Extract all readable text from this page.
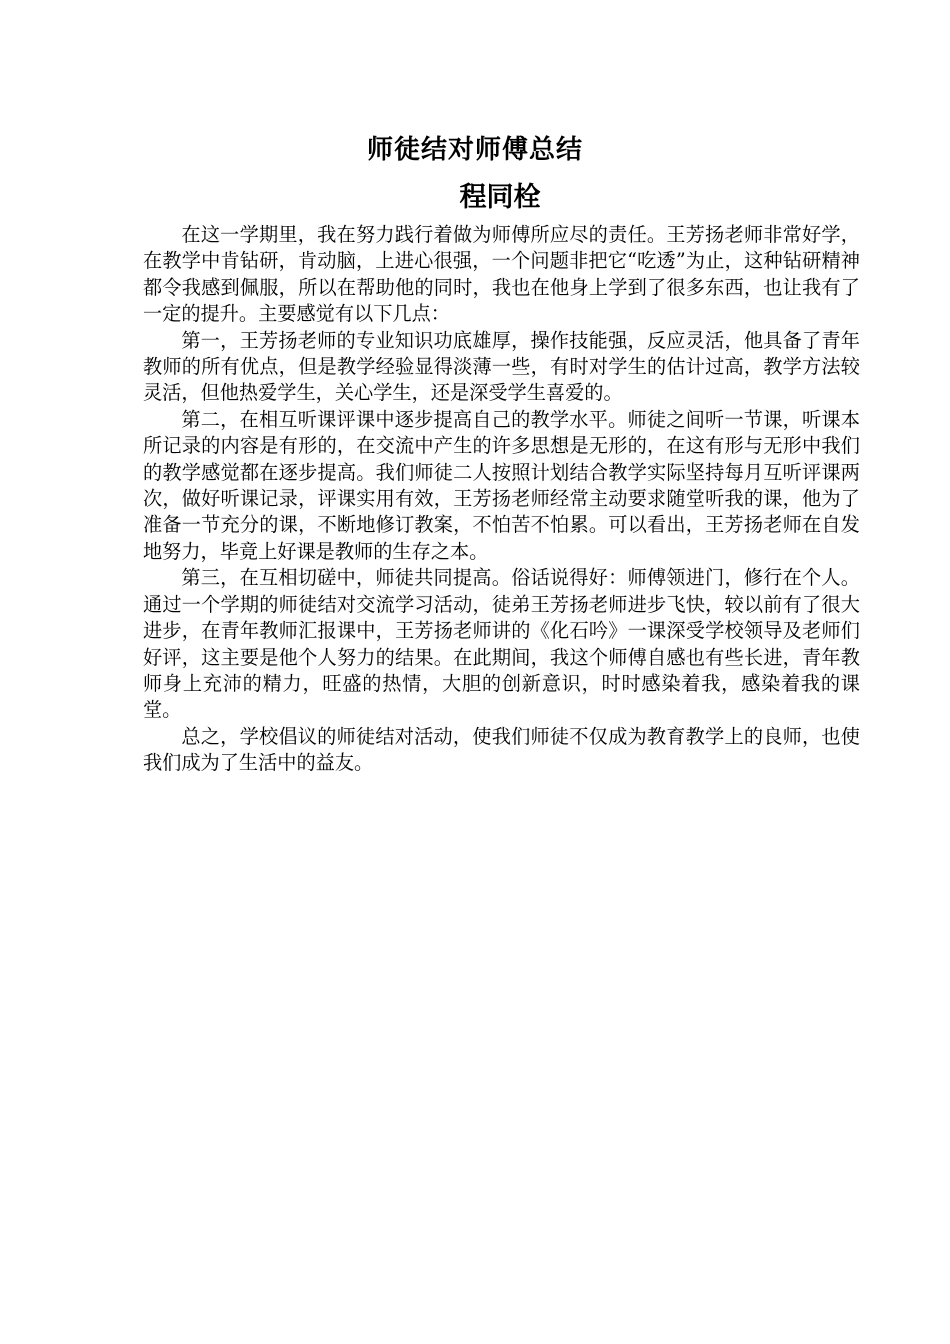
师徒结对师傅总结
程同栓

在这一学期里，我在努力践行着做为师傅所应尽的责任。王芳扬老师非常好学，在教学中肯钻研，肯动脑，上进心很强，一个问题非把它“吃透”为止，这种钻研精神都令我感到佩服，所以在帮助他的同时，我也在他身上学到了很多东西，也让我有了一定的提升。主要感觉有以下几点：

第一，王芳扬老师的专业知识功底雄厚，操作技能强，反应灵活，他具备了青年教师的所有优点，但是教学经验显得淡薄一些，有时对学生的估计过高，教学方法较灵活，但他热爱学生，关心学生，还是深受学生喜爱的。

第二，在相互听课评课中逐步提高自己的教学水平。师徒之间听一节课，听课本所记录的内容是有形的，在交流中产生的许多思想是无形的，在这有形与无形中我们的教学感觉都在逐步提高。我们师徒二人按照计划结合教学实际坚持每月互听评课两次，做好听课记录，评课实用有效，王芳扬老师经常主动要求随堂听我的课，他为了准备一节充分的课，不断地修订教案，不怕苦不怕累。可以看出，王芳扬老师在自发地努力，毕竟上好课是教师的生存之本。

第三，在互相切磋中，师徒共同提高。俗话说得好：师傅领进门，修行在个人。通过一个学期的师徒结对交流学习活动，徒弟王芳扬老师进步飞快，较以前有了很大进步，在青年教师汇报课中，王芳扬老师讲的《化石吟》一课深受学校领导及老师们好评，这主要是他个人努力的结果。在此期间，我这个师傅自感也有些长进，青年教师身上充沛的精力，旺盛的热情，大胆的创新意识，时时感染着我，感染着我的课堂。

总之，学校倡议的师徒结对活动，使我们师徒不仅成为教育教学上的良师，也使我们成为了生活中的益友。
